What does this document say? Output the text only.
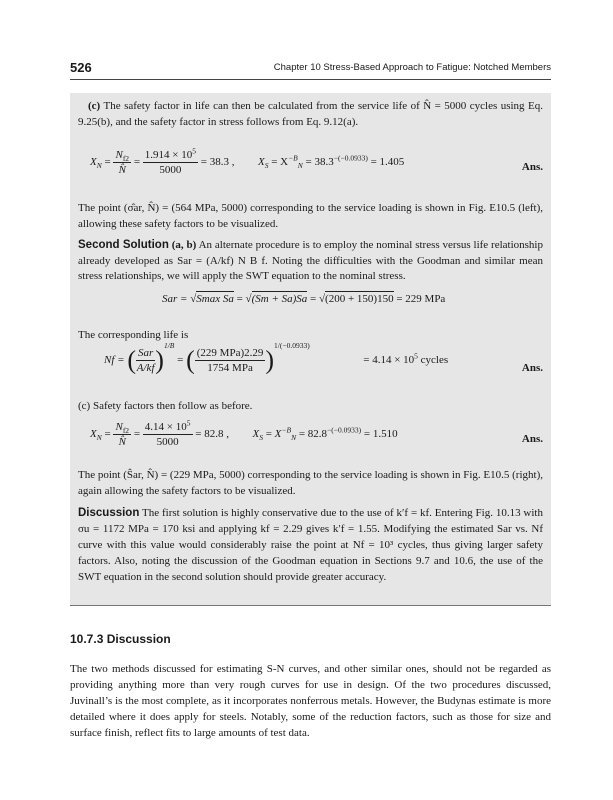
526	Chapter 10 Stress-Based Approach to Fatigue: Notched Members

(c) The safety factor in life can then be calculated from the service life of N̂ = 5000 cycles using Eq. 9.25(b), and the safety factor in stress follows from Eq. 9.12(a).

$X_N = \frac{N_{f2}}{N̂} = \frac{1.914 \times 10^5}{5000} = 38.3$ , $X_S = X^{-B}_N = 38.3^{-(-0.0933)} = 1.405$	Ans.

The point (σ̂ar, N̂) = (564 MPa, 5000) corresponding to the service loading is shown in Fig. E10.5 (left), allowing these safety factors to be visualized.

Second Solution (a, b) An alternate procedure is to employ the nominal stress versus life relationship already developed as Sar = (A/kf) N B f. Noting the difficulties with the Goodman and similar mean stress relationships, we will apply the SWT equation to the nominal stress.

Sar = √Smax Sa = √(Sm + Sa)Sa = √(200 + 150)150 = 229 MPa

The corresponding life is

Nf = ( $\frac{\text{Sar}}{A/kf} )^{1/B}$ = ( $\frac{\text{(229 MPa)2.29}}{\text{1754 MPa}} )^{1/(-0.0933)} = 4.14 \times 10^5$ cycles
Ans.

(c) Safety factors then follow as before.

$X_N = \frac{N_{f2}}{N̂} = \frac{4.14 \times 10^5}{5000} = 82.8$ , $X_S = X^{-B}_N = 82.8^{-(-0.0933)} = 1.510$	Ans.

The point (Ŝar, N̂) = (229 MPa, 5000) corresponding to the service loading is shown in Fig. E10.5 (right), again allowing the safety factors to be visualized.

Discussion The first solution is highly conservative due to the use of k′f = kf. Entering Fig. 10.13 with σu = 1172 MPa = 170 ksi and applying kf = 2.29 gives k′f = 1.55. Modifying the estimated Sar vs. Nf curve with this value would considerably raise the point at Nf = 10³ cycles, thus giving larger safety factors. Also, noting the discussion of the Goodman equation in Sections 9.7 and 10.6, the use of the SWT equation in the second solution should provide greater accuracy.

10.7.3 Discussion

The two methods discussed for estimating S-N curves, and other similar ones, should not be regarded as providing anything more than very rough curves for use in design. Of the two procedures discussed, Juvinall’s is the most complete, as it incorporates nonferrous metals. However, the Budynas estimate is more detailed where it does apply for steels. Notably, some of the reduction factors, such as those for size and surface finish, reflect fits to large amounts of test data.
